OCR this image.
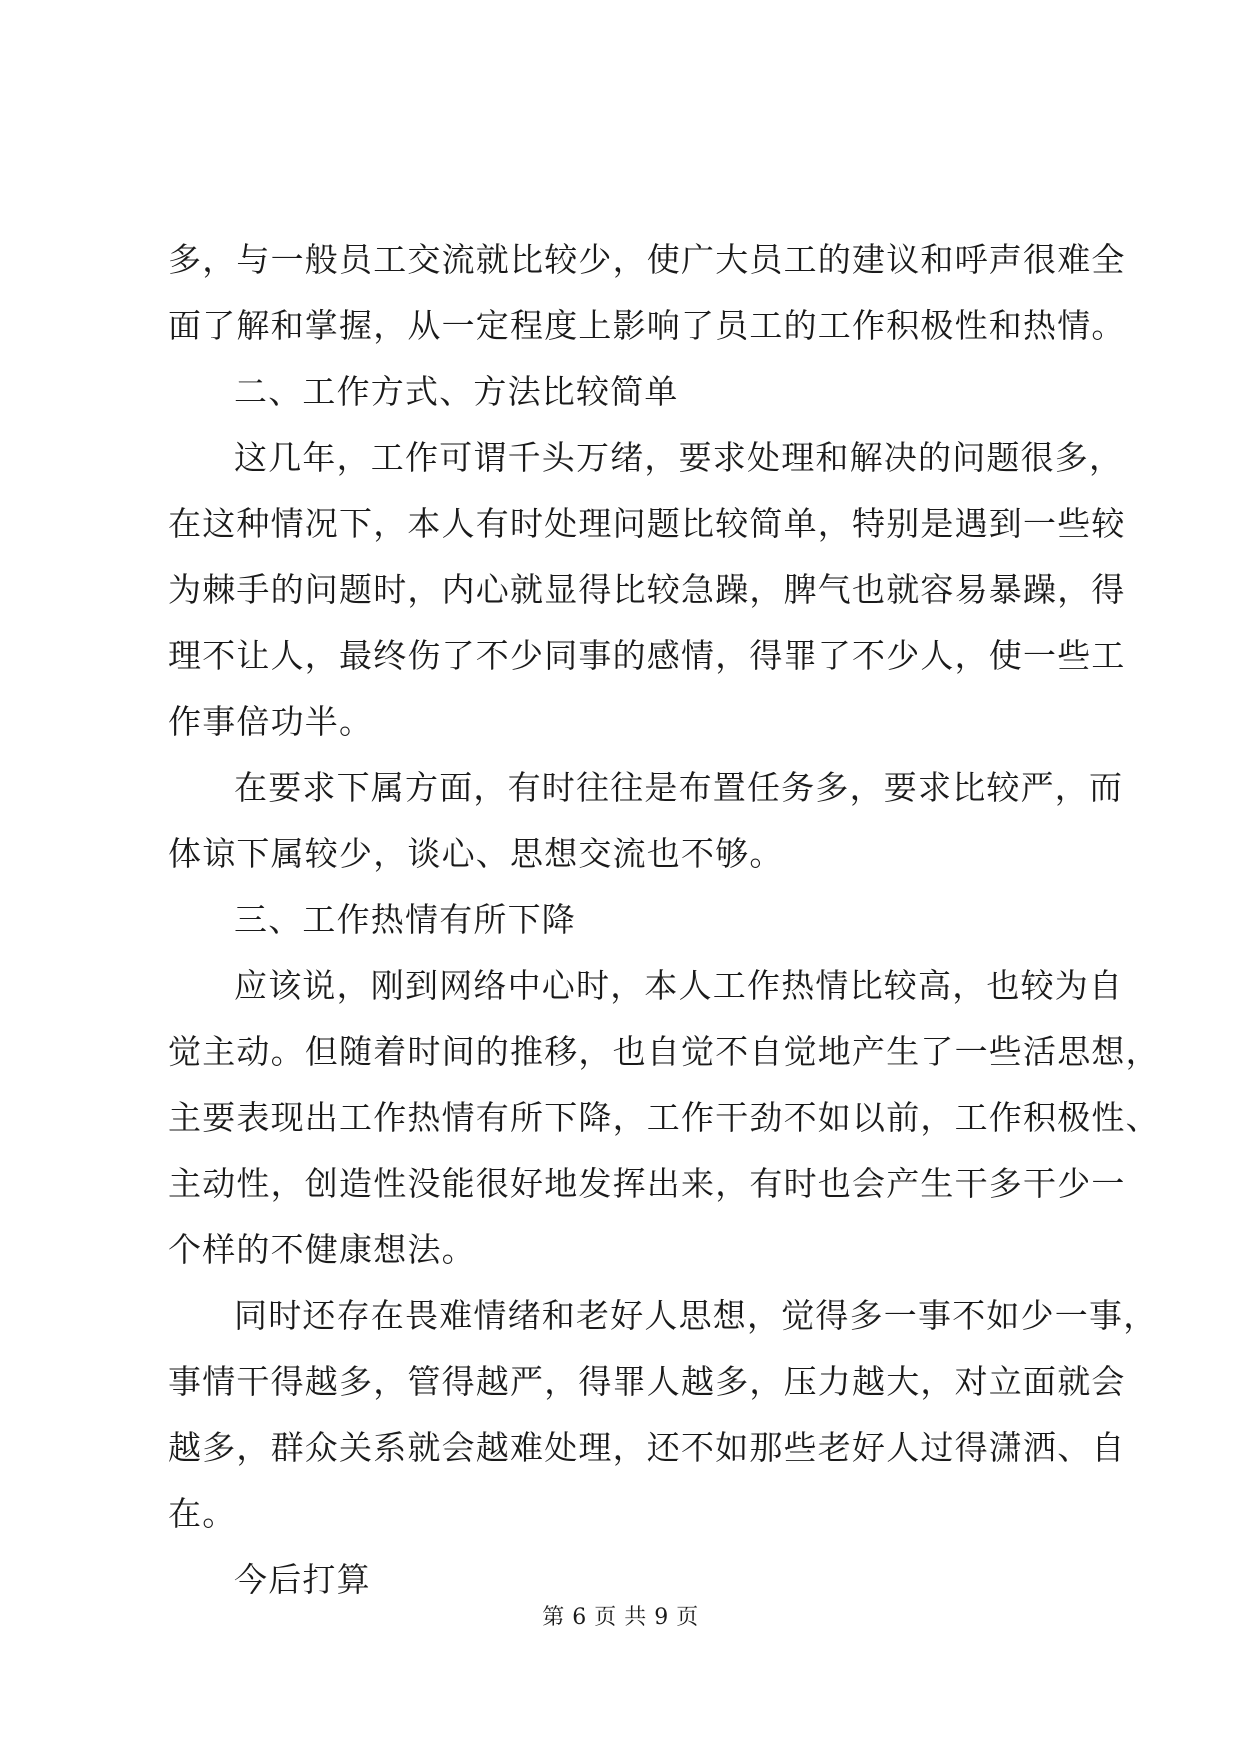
多，与一般员工交流就比较少，使广大员工的建议和呼声很难全
面了解和掌握，从一定程度上影响了员工的工作积极性和热情。
二、工作方式、方法比较简单
这几年，工作可谓千头万绪，要求处理和解决的问题很多，
在这种情况下，本人有时处理问题比较简单，特别是遇到一些较
为棘手的问题时，内心就显得比较急躁，脾气也就容易暴躁，得
理不让人，最终伤了不少同事的感情，得罪了不少人，使一些工
作事倍功半。
在要求下属方面，有时往往是布置任务多，要求比较严，而
体谅下属较少，谈心、思想交流也不够。
三、工作热情有所下降
应该说，刚到网络中心时，本人工作热情比较高，也较为自
觉主动。但随着时间的推移，也自觉不自觉地产生了一些活思想，
主要表现出工作热情有所下降，工作干劲不如以前，工作积极性、
主动性，创造性没能很好地发挥出来，有时也会产生干多干少一
个样的不健康想法。
同时还存在畏难情绪和老好人思想，觉得多一事不如少一事，
事情干得越多，管得越严，得罪人越多，压力越大，对立面就会
越多，群众关系就会越难处理，还不如那些老好人过得潇洒、自
在。
今后打算
第 6 页 共 9 页
